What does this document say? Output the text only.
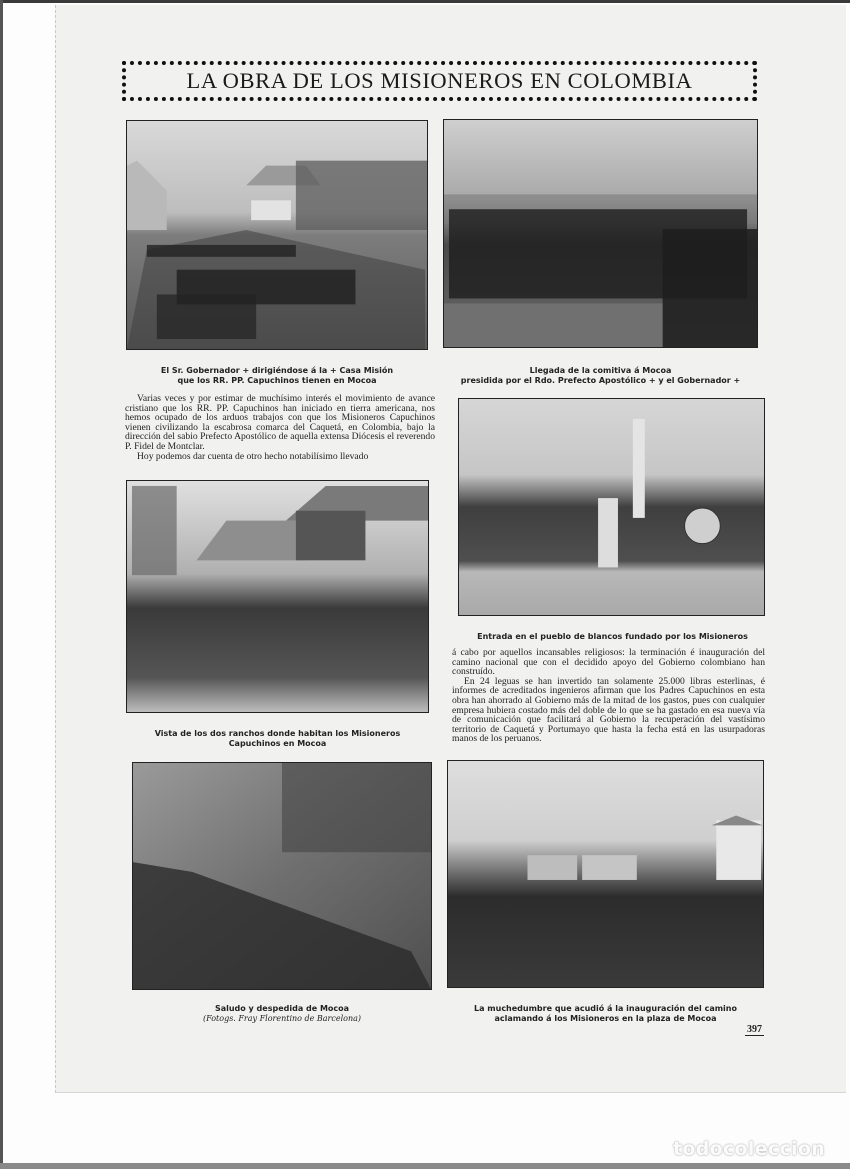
LA OBRA DE LOS MISIONEROS EN COLOMBIA
El Sr. Gobernador + dirigiéndose á la + Casa Misión
que los RR. PP. Capuchinos tienen en Mocoa
Llegada de la comitiva á Mocoa
presidida por el Rdo. Prefecto Apostólico + y el Gobernador +

Varias veces y por estimar de muchísimo interés el movimiento de avance cristiano que los RR. PP. Capuchinos han iniciado en tierra americana, nos hemos ocupado de los arduos trabajos con que los Misioneros Capuchinos vienen civilizando la escabrosa comarca del Caquetá, en Colombia, bajo la dirección del sabio Prefecto Apostólico de aquella extensa Diócesis el reverendo P. Fidel de Montclar.

Hoy podemos dar cuenta de otro hecho notabilísimo llevado

Entrada en el pueblo de blancos fundado por los Misioneros
Vista de los dos ranchos donde habitan los Misioneros
Capuchinos en Mocoa

á cabo por aquellos incansables religiosos: la terminación é inauguración del camino nacional que con el decidido apoyo del Gobierno colombiano han construído.

En 24 leguas se han invertido tan solamente 25.000 libras esterlinas, é informes de acreditados ingenieros afirman que los Padres Capuchinos en esta obra han ahorrado al Gobierno más de la mitad de los gastos, pues con cualquier empresa hubiera costado más del doble de lo que se ha gastado en esa nueva vía de comunicación que facilitará al Gobierno la recuperación del vastísimo territorio de Caquetá y Portumayo que hasta la fecha está en las usurpadoras manos de los peruanos.

Saludo y despedida de Mocoa
(Fotogs. Fray Florentino de Barcelona)
La muchedumbre que acudió á la inauguración del camino
aclamando á los Misioneros en la plaza de Mocoa
397
todocoleccion
